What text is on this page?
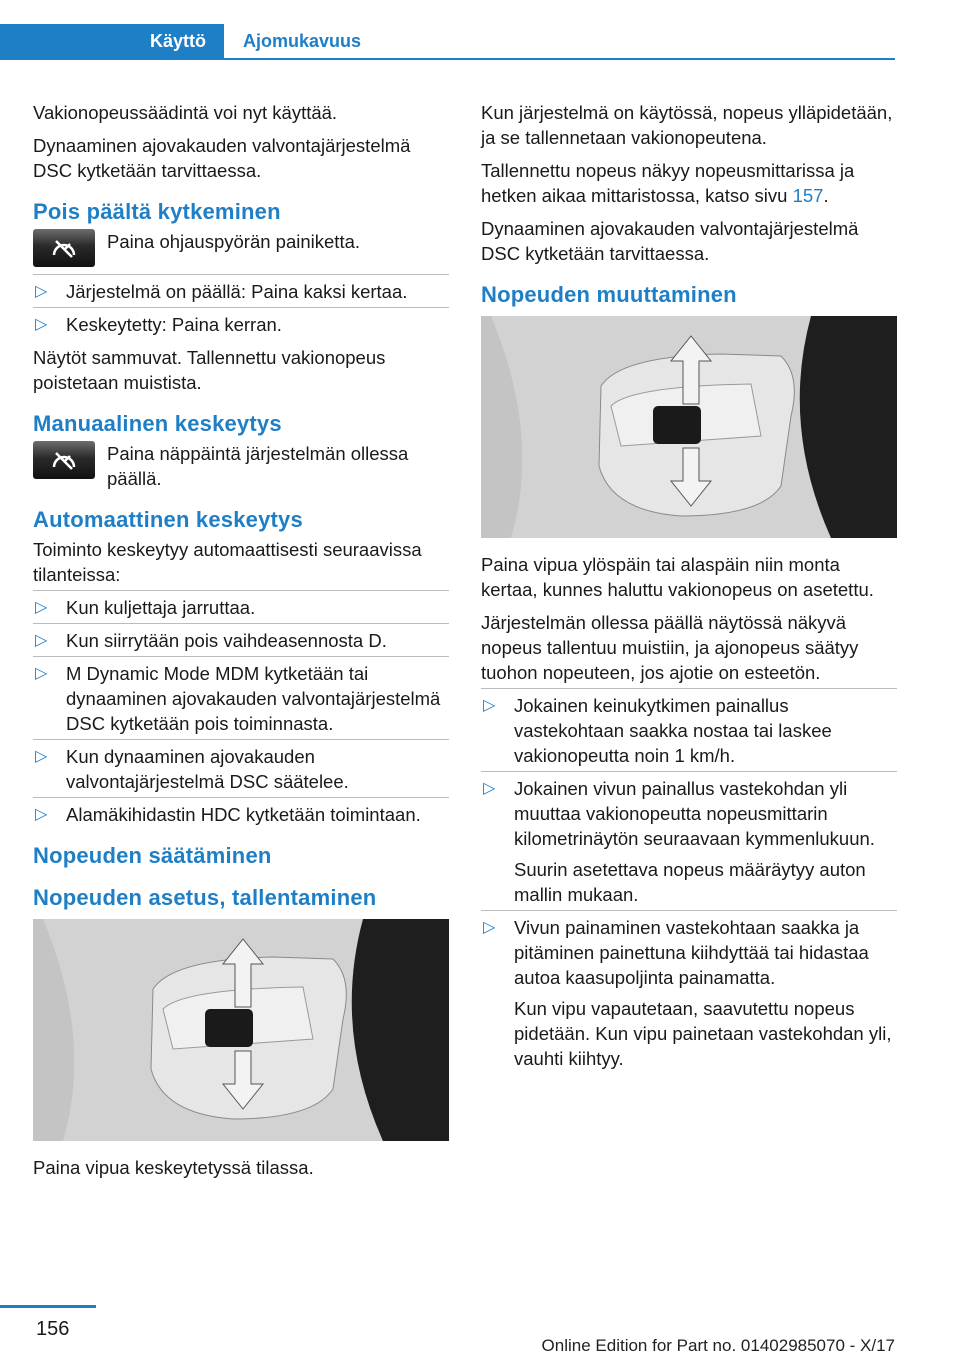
Käyttö Ajomukavuus

Vakionopeussäädintä voi nyt käyttää.

Dynaaminen ajovakauden valvontajärjestelmä DSC kytketään tarvittaessa.

Pois päältä kytkeminen

Paina ohjauspyörän painiketta.

▷ Järjestelmä on päällä: Paina kaksi kertaa.
▷ Keskeytetty: Paina kerran.

Näytöt sammuvat. Tallennettu vakionopeus poistetaan muistista.

Manuaalinen keskeytys

Paina näppäintä järjestelmän ollessa päällä.

Automaattinen keskeytys

Toiminto keskeytyy automaattisesti seuraavissa tilanteissa:

▷ Kun kuljettaja jarruttaa.
▷ Kun siirrytään pois vaihdeasennosta D.
▷ M Dynamic Mode MDM kytketään tai dynaaminen ajovakauden valvontajärjestelmä DSC kytketään pois toiminnasta.
▷ Kun dynaaminen ajovakauden valvontajärjestelmä DSC säätelee.
▷ Alamäkihidastin HDC kytketään toimintaan.
Nopeuden säätäminen
Nopeuden asetus, tallentaminen

Paina vipua keskeytetyssä tilassa.

Kun järjestelmä on käytössä, nopeus ylläpidetään, ja se tallennetaan vakionopeutena.

Tallennettu nopeus näkyy nopeusmittarissa ja hetken aikaa mittaristossa, katso sivu 157.

Dynaaminen ajovakauden valvontajärjestelmä DSC kytketään tarvittaessa.

Nopeuden muuttaminen

Paina vipua ylöspäin tai alaspäin niin monta kertaa, kunnes haluttu vakionopeus on asetettu.

Järjestelmän ollessa päällä näytössä näkyvä nopeus tallentuu muistiin, ja ajonopeus säätyy tuohon nopeuteen, jos ajotie on esteetön.

▷ Jokainen keinukytkimen painallus vastekohtaan saakka nostaa tai laskee vakionopeutta noin 1 km/h.
▷ Jokainen vivun painallus vastekohdan yli muuttaa vakionopeutta nopeusmittarin kilometrinäytön seuraavaan kymmenlukuun.
Suurin asetettava nopeus määräytyy auton mallin mukaan.
▷ Vivun painaminen vastekohtaan saakka ja pitäminen painettuna kiihdyttää tai hidastaa autoa kaasupoljinta painamatta.
Kun vipu vapautetaan, saavutettu nopeus pidetään. Kun vipu painetaan vastekohdan yli, vauhti kiihtyy.
156
Online Edition for Part no. 01402985070 - X/17
